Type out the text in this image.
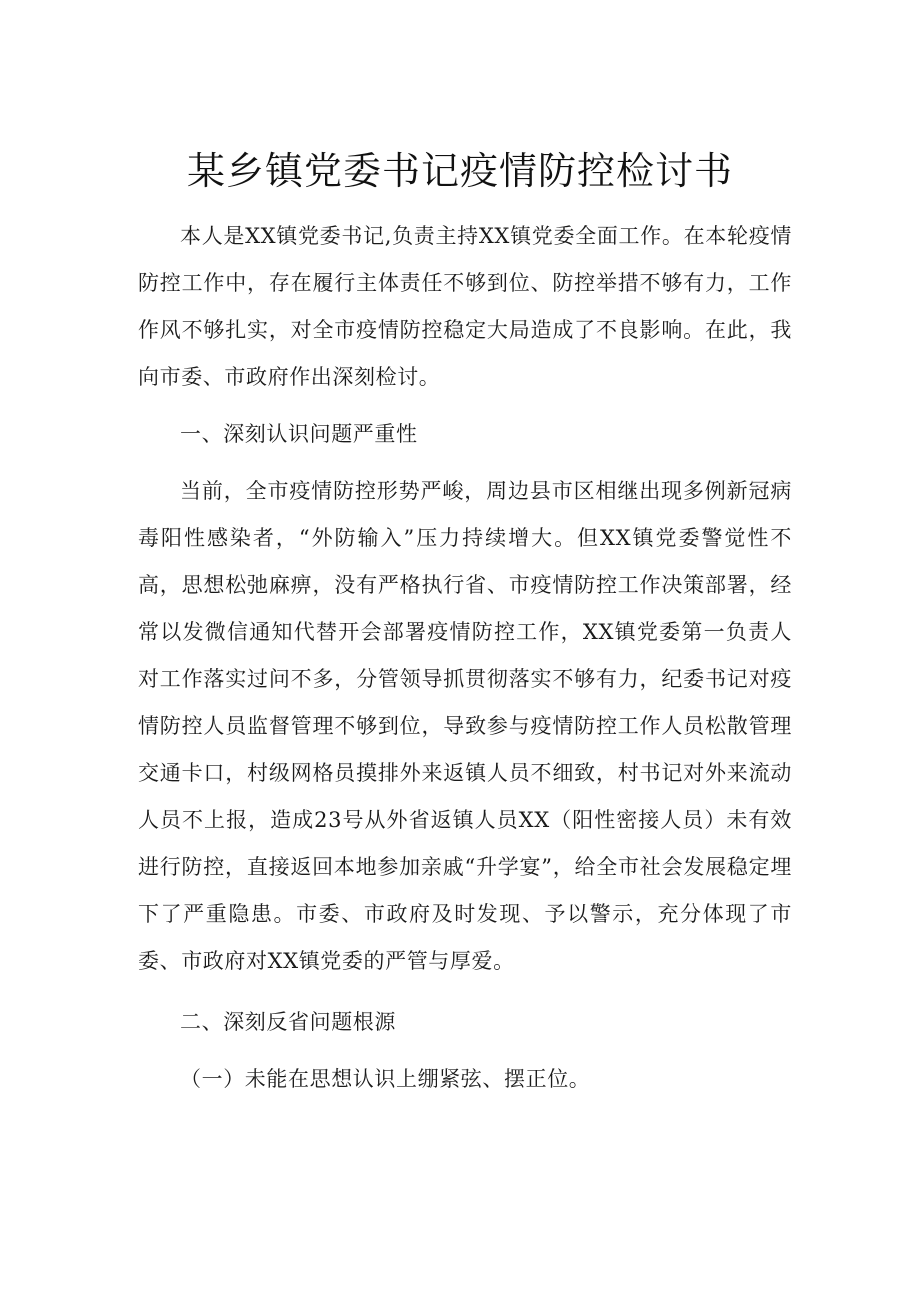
某乡镇党委书记疫情防控检讨书

本人是XX镇党委书记,负责主持XX镇党委全面工作。在本轮疫情防控工作中，存在履行主体责任不够到位、防控举措不够有力，工作作风不够扎实，对全市疫情防控稳定大局造成了不良影响。在此，我向市委、市政府作出深刻检讨。

一、深刻认识问题严重性

当前，全市疫情防控形势严峻，周边县市区相继出现多例新冠病毒阳性感染者，“外防输入”压力持续增大。但XX镇党委警觉性不高，思想松弛麻痹，没有严格执行省、市疫情防控工作决策部署，经常以发微信通知代替开会部署疫情防控工作，XX镇党委第一负责人对工作落实过问不多，分管领导抓贯彻落实不够有力，纪委书记对疫情防控人员监督管理不够到位，导致参与疫情防控工作人员松散管理交通卡口，村级网格员摸排外来返镇人员不细致，村书记对外来流动人员不上报，造成23号从外省返镇人员XX（阳性密接人员）未有效进行防控，直接返回本地参加亲戚“升学宴”，给全市社会发展稳定埋下了严重隐患。市委、市政府及时发现、予以警示，充分体现了市委、市政府对XX镇党委的严管与厚爱。

二、深刻反省问题根源

（一）未能在思想认识上绷紧弦、摆正位。
